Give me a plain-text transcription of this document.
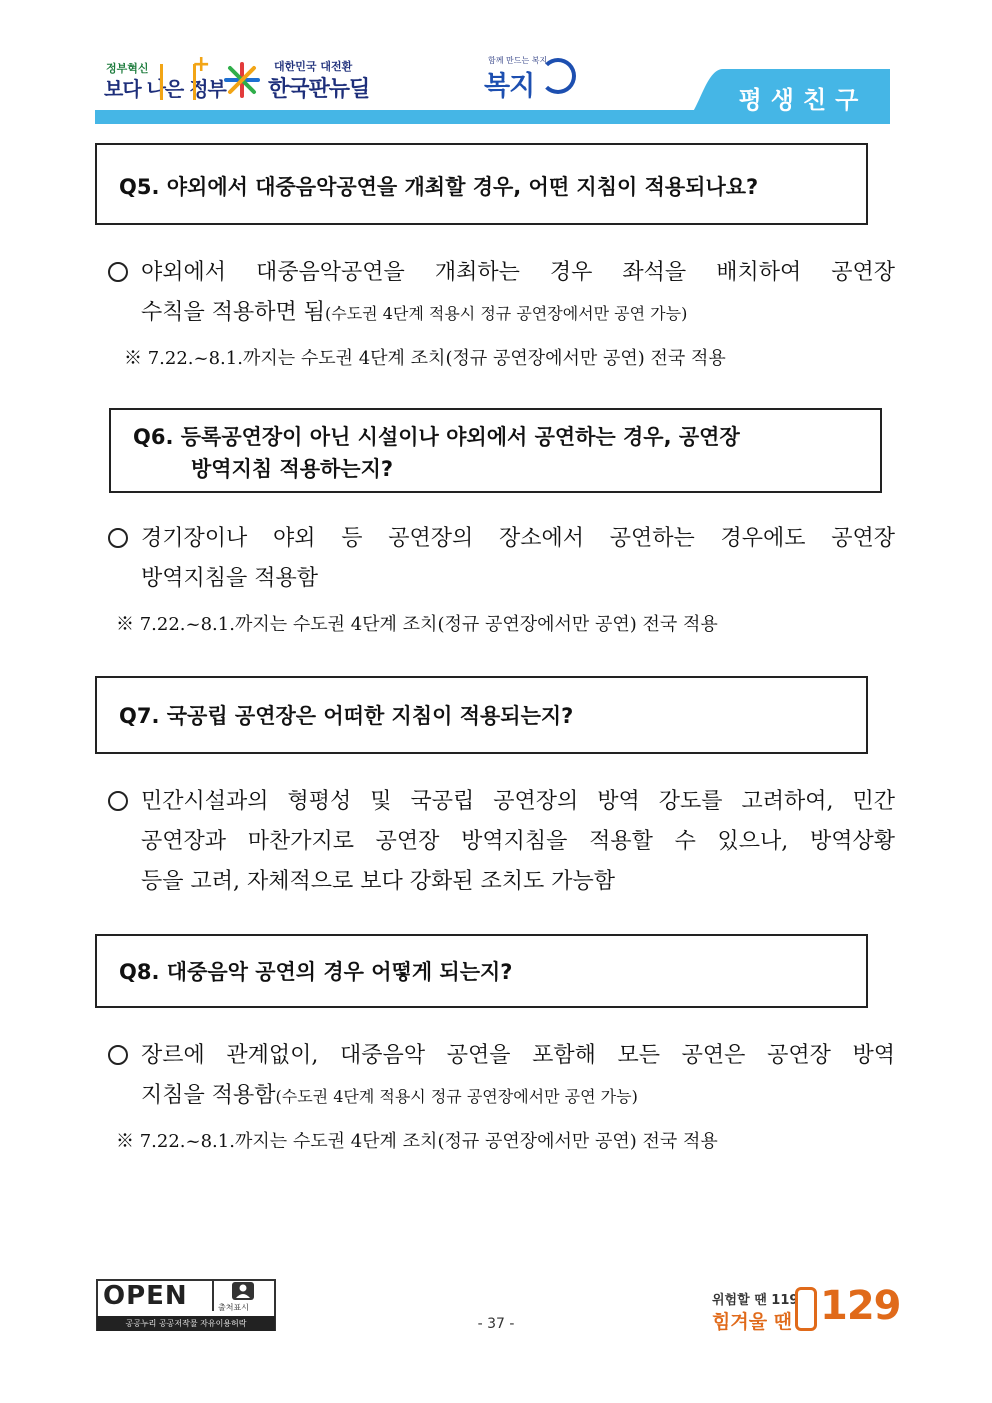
정부혁신
보다 나은 정부
+	대한민국 대전환
한국판뉴딜
함께 만드는 복지
복지	평생친구
Q5. 야외에서 대중음악공연을 개최할 경우, 어떤 지침이 적용되나요?
야외에서 대중음악공연을 개최하는 경우 좌석을 배치하여 공연장
수칙을 적용하면 됨(수도권 4단계 적용시 정규 공연장에서만 공연 가능)
※ 7.22.~8.1.까지는 수도권 4단계 조치(정규 공연장에서만 공연) 전국 적용
Q6. 등록공연장이 아닌 시설이나 야외에서 공연하는 경우, 공연장
방역지침 적용하는지?
경기장이나 야외 등 공연장의 장소에서 공연하는 경우에도 공연장
방역지침을 적용함
※ 7.22.~8.1.까지는 수도권 4단계 조치(정규 공연장에서만 공연) 전국 적용
Q7. 국공립 공연장은 어떠한 지침이 적용되는지?
민간시설과의 형평성 및 국공립 공연장의 방역 강도를 고려하여, 민간
공연장과 마찬가지로 공연장 방역지침을 적용할 수 있으나, 방역상황
등을 고려, 자체적으로 보다 강화된 조치도 가능함
Q8. 대중음악 공연의 경우 어떻게 되는지?
장르에 관계없이, 대중음악 공연을 포함해 모든 공연은 공연장 방역
지침을 적용함(수도권 4단계 적용시 정규 공연장에서만 공연 가능)
※ 7.22.~8.1.까지는 수도권 4단계 조치(정규 공연장에서만 공연) 전국 적용
OPEN	출처표시
공공누리 공공저작물 자유이용허락	- 37 -
위험할 땐 119
힘겨울 땐 129
